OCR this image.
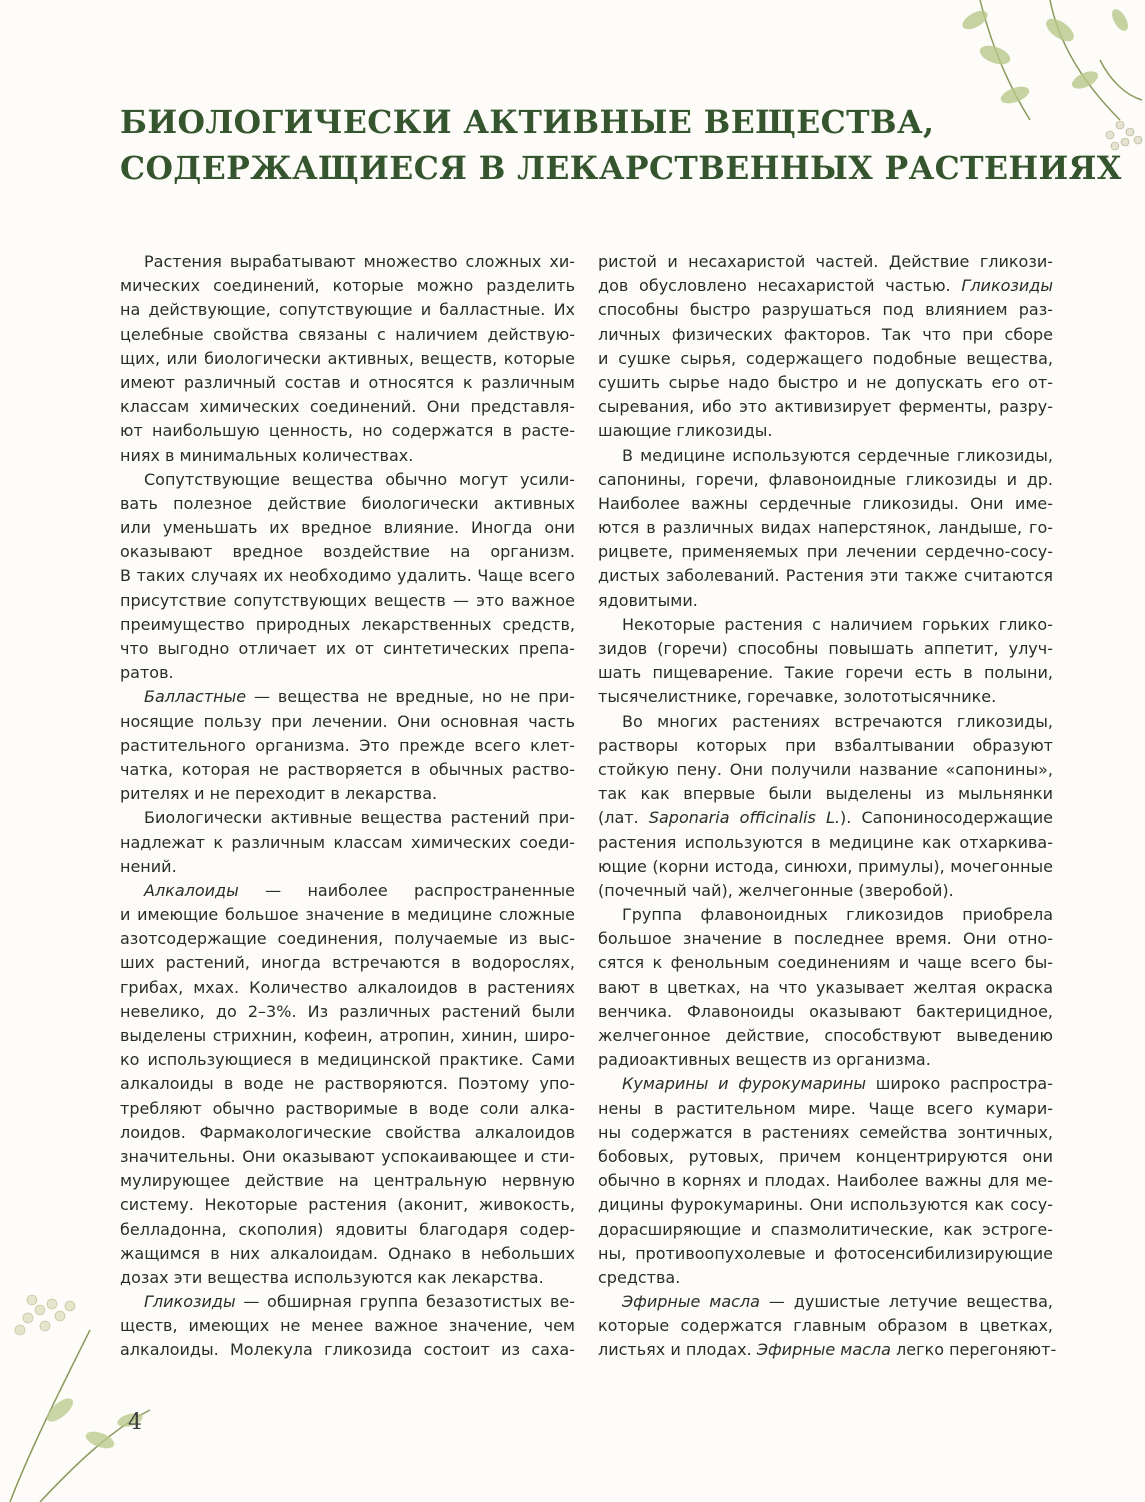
БИОЛОГИЧЕСКИ АКТИВНЫЕ ВЕЩЕСТВА,
СОДЕРЖАЩИЕСЯ В ЛЕКАРСТВЕННЫХ РАСТЕНИЯХ
Растения вырабатывают множество сложных хи-
мических соединений, которые можно разделить
на действующие, сопутствующие и балластные. Их
целебные свойства связаны с наличием действую-
щих, или биологически активных, веществ, которые
имеют различный состав и относятся к различным
классам химических соединений. Они представля-
ют наибольшую ценность, но содержатся в расте-
ниях в минимальных количествах.
Сопутствующие вещества обычно могут усили-
вать полезное действие биологически активных
или уменьшать их вредное влияние. Иногда они
оказывают вредное воздействие на организм.
В таких случаях их необходимо удалить. Чаще всего
присутствие сопутствующих веществ — это важное
преимущество природных лекарственных средств,
что выгодно отличает их от синтетических препа-
ратов.
Балластные — вещества не вредные, но не при-
носящие пользу при лечении. Они основная часть
растительного организма. Это прежде всего клет-
чатка, которая не растворяется в обычных раство-
рителях и не переходит в лекарства.
Биологически активные вещества растений при-
надлежат к различным классам химических соеди-
нений.
Алкалоиды — наиболее распространенные
и имеющие большое значение в медицине сложные
азотсодержащие соединения, получаемые из выс-
ших растений, иногда встречаются в водорослях,
грибах, мхах. Количество алкалоидов в растениях
невелико, до 2–3%. Из различных растений были
выделены стрихнин, кофеин, атропин, хинин, широ-
ко использующиеся в медицинской практике. Сами
алкалоиды в воде не растворяются. Поэтому упо-
требляют обычно растворимые в воде соли алка-
лоидов. Фармакологические свойства алкалоидов
значительны. Они оказывают успокаивающее и сти-
мулирующее действие на центральную нервную
систему. Некоторые растения (аконит, живокость,
белладонна, скополия) ядовиты благодаря содер-
жащимся в них алкалоидам. Однако в небольших
дозах эти вещества используются как лекарства.
Гликозиды — обширная группа безазотистых ве-
ществ, имеющих не менее важное значение, чем
алкалоиды. Молекула гликозида состоит из саха-
ристой и несахаристой частей. Действие гликози-
дов обусловлено несахаристой частью. Гликозиды
способны быстро разрушаться под влиянием раз-
личных физических факторов. Так что при сборе
и сушке сырья, содержащего подобные вещества,
сушить сырье надо быстро и не допускать его от-
сыревания, ибо это активизирует ферменты, разру-
шающие гликозиды.
В медицине используются сердечные гликозиды,
сапонины, горечи, флавоноидные гликозиды и др.
Наиболее важны сердечные гликозиды. Они име-
ются в различных видах наперстянок, ландыше, го-
рицвете, применяемых при лечении сердечно-сосу-
дистых заболеваний. Растения эти также считаются
ядовитыми.
Некоторые растения с наличием горьких глико-
зидов (горечи) способны повышать аппетит, улуч-
шать пищеварение. Такие горечи есть в полыни,
тысячелистнике, горечавке, золототысячнике.
Во многих растениях встречаются гликозиды,
растворы которых при взбалтывании образуют
стойкую пену. Они получили название «сапонины»,
так как впервые были выделены из мыльнянки
(лат. Saponaria officinalis L.). Сапониносодержащие
растения используются в медицине как отхаркива-
ющие (корни истода, синюхи, примулы), мочегонные
(почечный чай), желчегонные (зверобой).
Группа флавоноидных гликозидов приобрела
большое значение в последнее время. Они отно-
сятся к фенольным соединениям и чаще всего бы-
вают в цветках, на что указывает желтая окраска
венчика. Флавоноиды оказывают бактерицидное,
желчегонное действие, способствуют выведению
радиоактивных веществ из организма.
Кумарины и фурокумарины широко распростра-
нены в растительном мире. Чаще всего кумари-
ны содержатся в растениях семейства зонтичных,
бобовых, рутовых, причем концентрируются они
обычно в корнях и плодах. Наиболее важны для ме-
дицины фурокумарины. Они используются как сосу-
дорасширяющие и спазмолитические, как эстроге-
ны, противоопухолевые и фотосенсибилизирующие
средства.
Эфирные масла — душистые летучие вещества,
которые содержатся главным образом в цветках,
листьях и плодах. Эфирные масла легко перегоняют-

4
